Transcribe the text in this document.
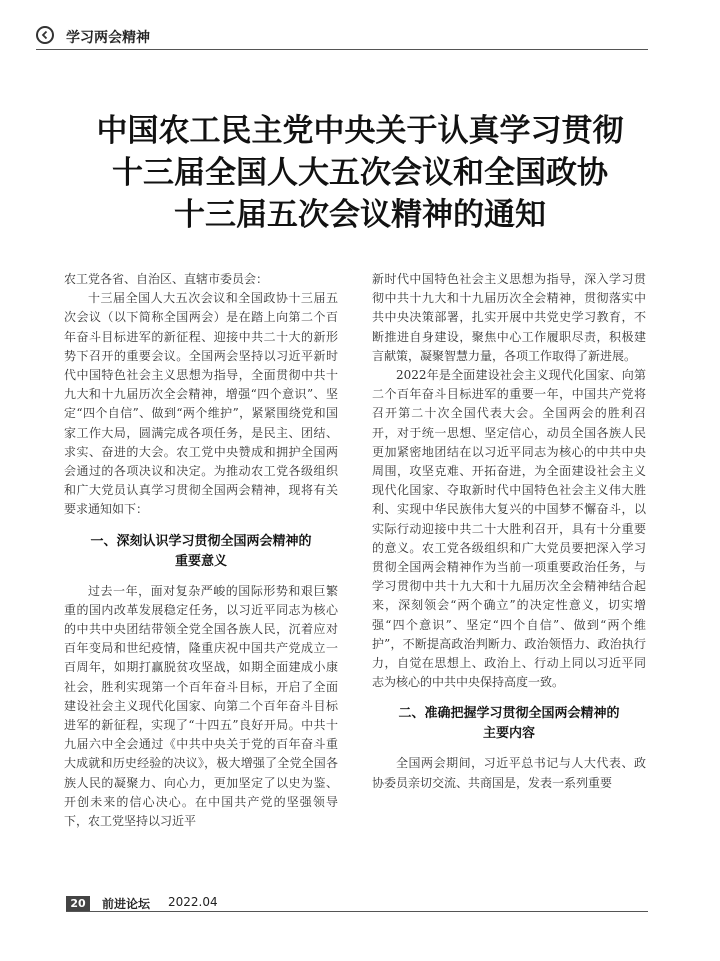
学习两会精神
中国农工民主党中央关于认真学习贯彻
十三届全国人大五次会议和全国政协
十三届五次会议精神的通知

农工党各省、自治区、直辖市委员会：

十三届全国人大五次会议和全国政协十三届五次会议（以下简称全国两会）是在踏上向第二个百年奋斗目标进军的新征程、迎接中共二十大的新形势下召开的重要会议。全国两会坚持以习近平新时代中国特色社会主义思想为指导，全面贯彻中共十九大和十九届历次全会精神，增强“四个意识”、坚定“四个自信”、做到“两个维护”，紧紧围绕党和国家工作大局，圆满完成各项任务，是民主、团结、求实、奋进的大会。农工党中央赞成和拥护全国两会通过的各项决议和决定。为推动农工党各级组织和广大党员认真学习贯彻全国两会精神，现将有关要求通知如下：

一、深刻认识学习贯彻全国两会精神的
重要意义

过去一年，面对复杂严峻的国际形势和艰巨繁重的国内改革发展稳定任务，以习近平同志为核心的中共中央团结带领全党全国各族人民，沉着应对百年变局和世纪疫情，隆重庆祝中国共产党成立一百周年，如期打赢脱贫攻坚战，如期全面建成小康社会，胜利实现第一个百年奋斗目标，开启了全面建设社会主义现代化国家、向第二个百年奋斗目标进军的新征程，实现了“十四五”良好开局。中共十九届六中全会通过《中共中央关于党的百年奋斗重大成就和历史经验的决议》，极大增强了全党全国各族人民的凝聚力、向心力，更加坚定了以史为鉴、开创未来的信心决心。在中国共产党的坚强领导下，农工党坚持以习近平

新时代中国特色社会主义思想为指导，深入学习贯彻中共十九大和十九届历次全会精神，贯彻落实中共中央决策部署，扎实开展中共党史学习教育，不断推进自身建设，聚焦中心工作履职尽责，积极建言献策，凝聚智慧力量，各项工作取得了新进展。

2022年是全面建设社会主义现代化国家、向第二个百年奋斗目标进军的重要一年，中国共产党将召开第二十次全国代表大会。全国两会的胜利召开，对于统一思想、坚定信心，动员全国各族人民更加紧密地团结在以习近平同志为核心的中共中央周围，攻坚克难、开拓奋进，为全面建设社会主义现代化国家、夺取新时代中国特色社会主义伟大胜利、实现中华民族伟大复兴的中国梦不懈奋斗，以实际行动迎接中共二十大胜利召开，具有十分重要的意义。农工党各级组织和广大党员要把深入学习贯彻全国两会精神作为当前一项重要政治任务，与学习贯彻中共十九大和十九届历次全会精神结合起来，深刻领会“两个确立”的决定性意义，切实增强“四个意识”、坚定“四个自信”、做到“两个维护”，不断提高政治判断力、政治领悟力、政治执行力，自觉在思想上、政治上、行动上同以习近平同志为核心的中共中央保持高度一致。

二、准确把握学习贯彻全国两会精神的
主要内容

全国两会期间，习近平总书记与人大代表、政协委员亲切交流、共商国是，发表一系列重要

20	前进论坛 2022.04
